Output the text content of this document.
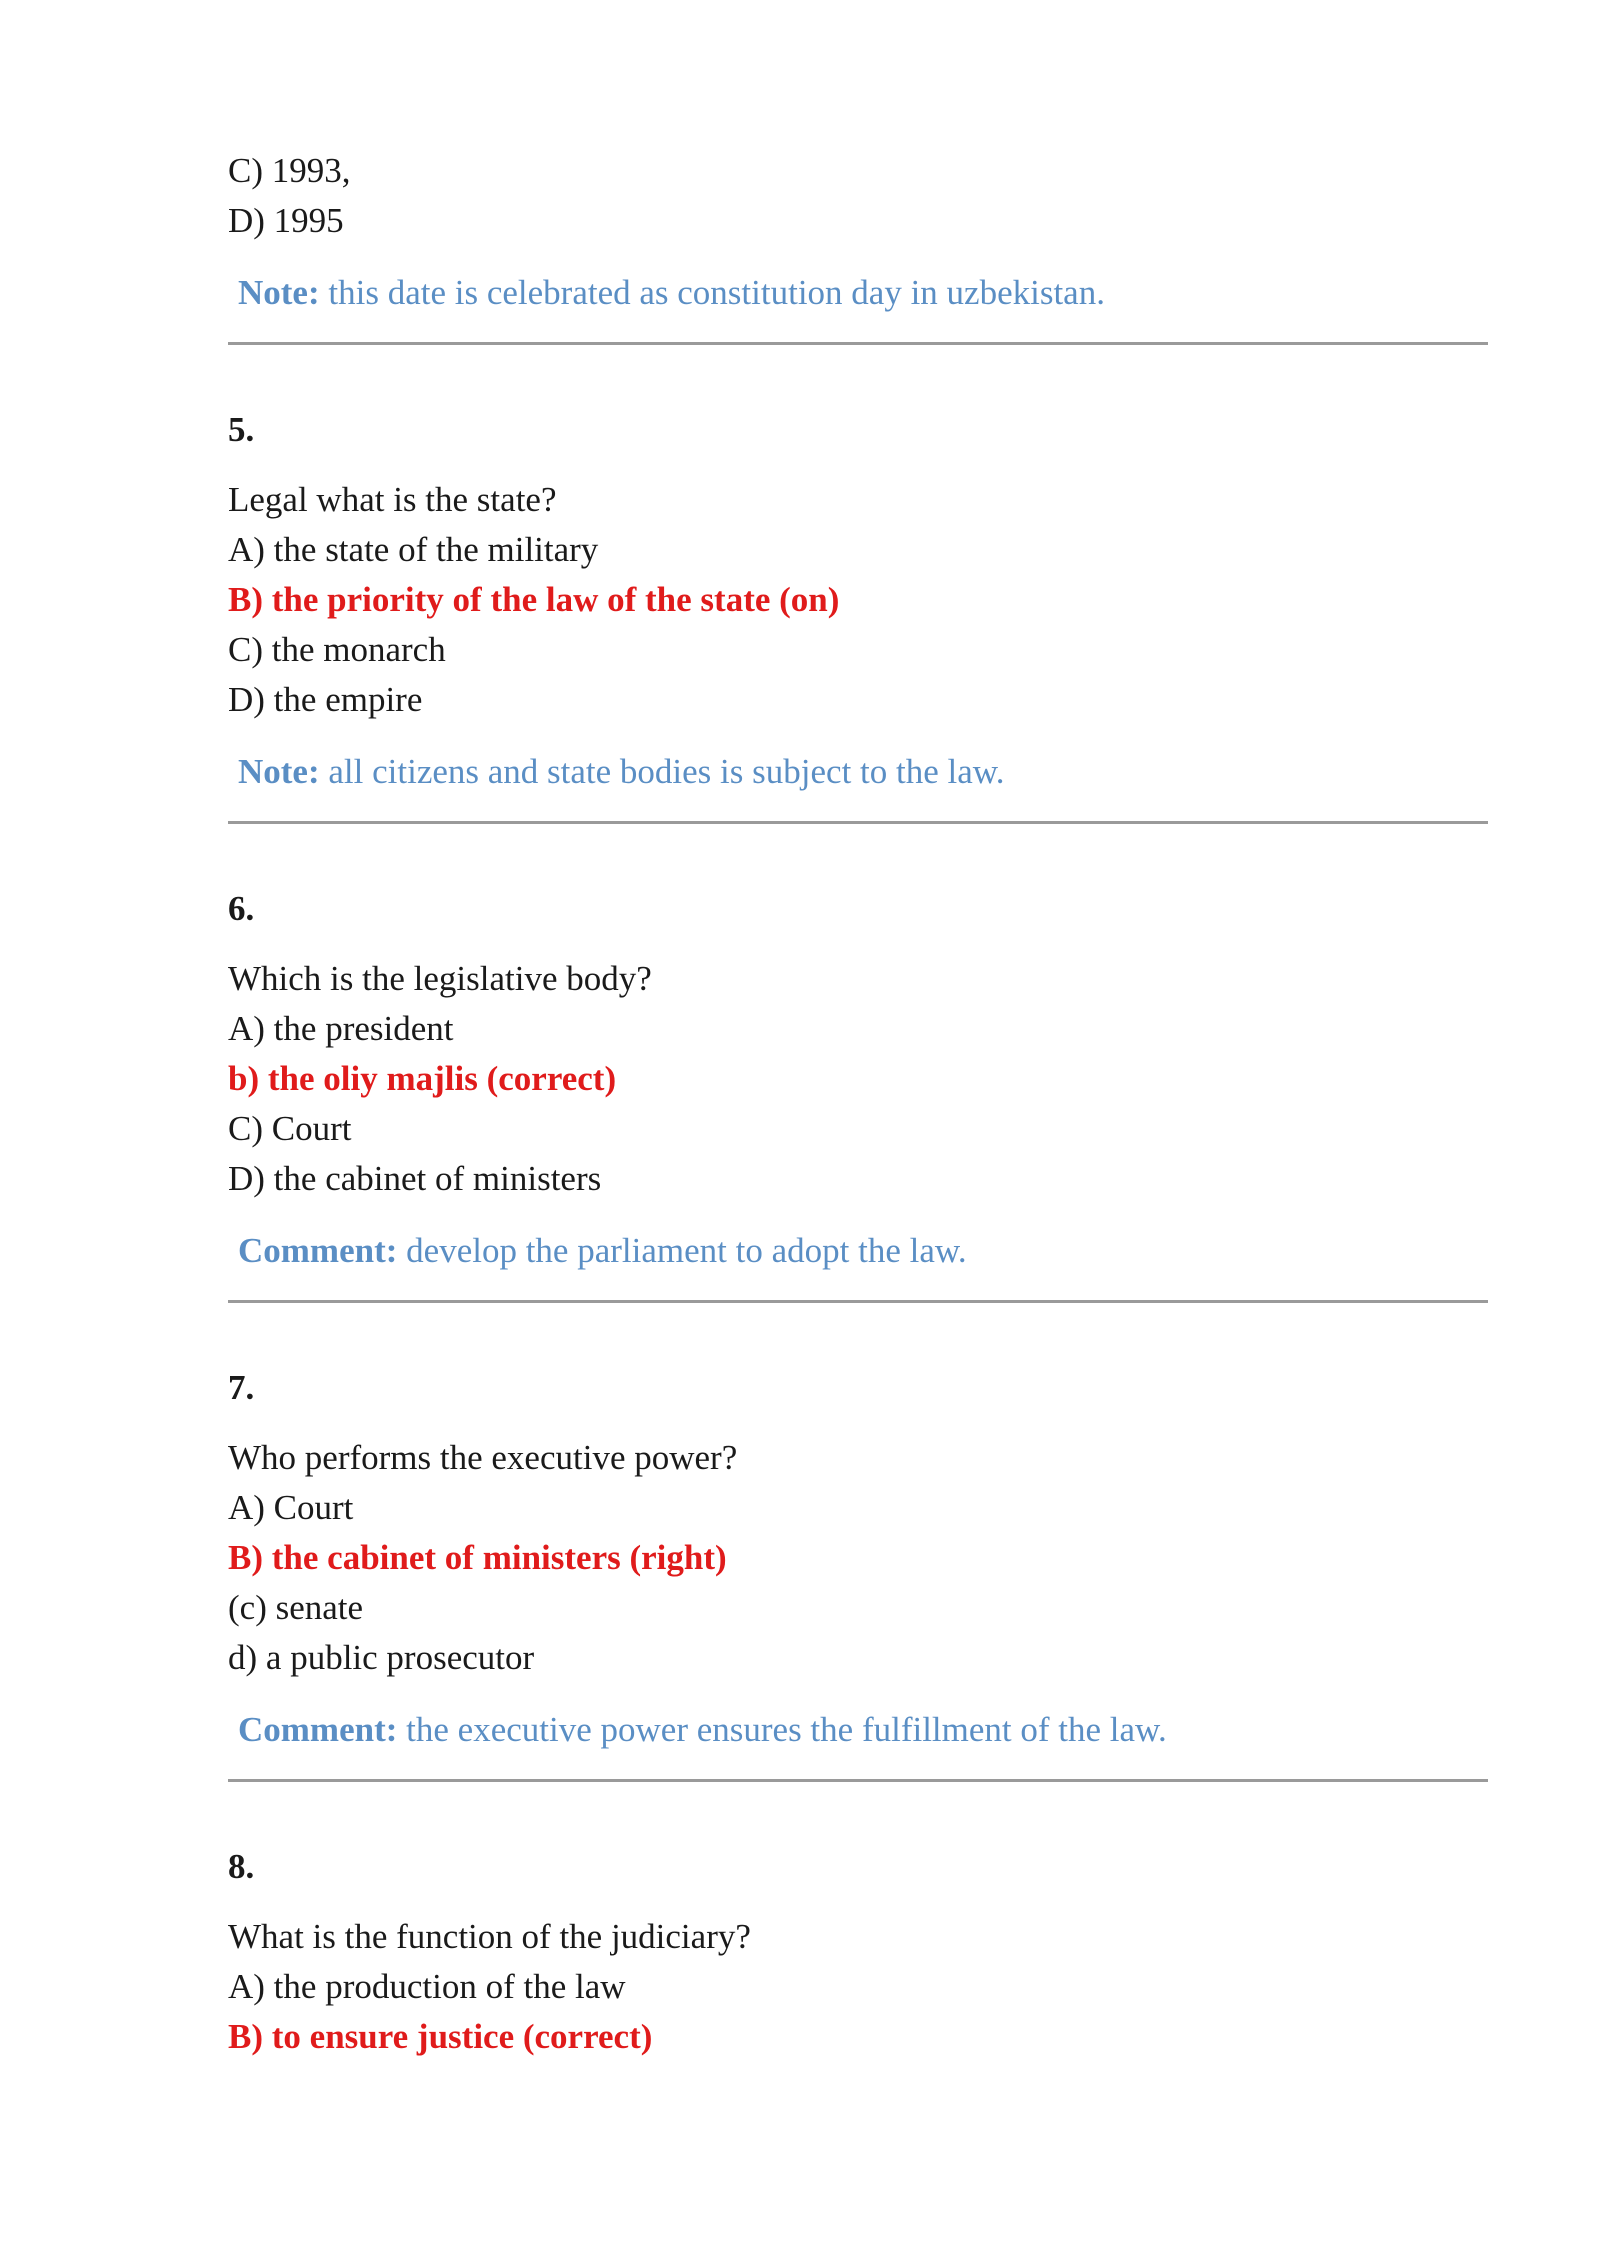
C) 1993,
D) 1995
Note: this date is celebrated as constitution day in uzbekistan.
5.
Legal what is the state?
A) the state of the military
B) the priority of the law of the state (on)
C) the monarch
D) the empire
Note: all citizens and state bodies is subject to the law.
6.
Which is the legislative body?
A) the president
b) the oliy majlis (correct)
C) Court
D) the cabinet of ministers
Comment: develop the parliament to adopt the law.
7.
Who performs the executive power?
A) Court
B) the cabinet of ministers (right)
(c) senate
d) a public prosecutor
Comment: the executive power ensures the fulfillment of the law.
8.
What is the function of the judiciary?
A) the production of the law
B) to ensure justice (correct)
